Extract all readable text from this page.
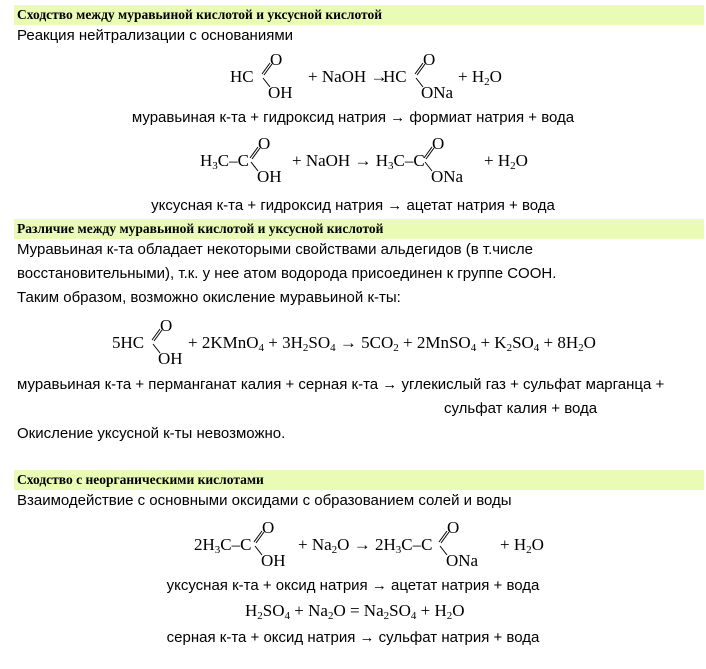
Сходство между муравьиной кислотой и уксусной кислотой
Реакция нейтрализации с основаниями
HC
O
OH
+ NaOH →
HC
O
ONa
+ $H_2O$
муравьиная к-та + гидроксид натрия → формиат натрия + вода
$H_3C-C$
O
OH
+ NaOH → $H_3C-C$
O
ONa
+ $H_2O$
уксусная к-та + гидроксид натрия → ацетат натрия + вода
Различие между муравьиной кислотой и уксусной кислотой
Муравьиная к-та обладает некоторыми свойствами альдегидов (в т.числе
восстановительными), т.к. у нее атом водорода присоединен к группе COOH.
Таким образом, возможно окисление муравьиной к-ты:
5HC
O
OH
+ 2KMnO$_4$ + $3H_2SO_4 \to 5CO_2$ + 2MnSO$_4$ + $K_2SO_4 + 8H_2O$
муравьиная к-та + перманганат калия + серная к-та → углекислый газ + сульфат марганца +
сульфат калия + вода
Окисление уксусной к-ты невозможно.
Сходство с неорганическими кислотами
Взаимодействие с основными оксидами с образованием солей и воды
$2H_3C-C$
O
OH
+ $Na_2O \to 2H_3C-C$
O
ONa
+ $H_2O$
уксусная к-та + оксид натрия → ацетат натрия + вода
$H_2SO_4 + Na_2O = Na_2SO_4 + H_2O$
серная к-та + оксид натрия → сульфат натрия + вода
